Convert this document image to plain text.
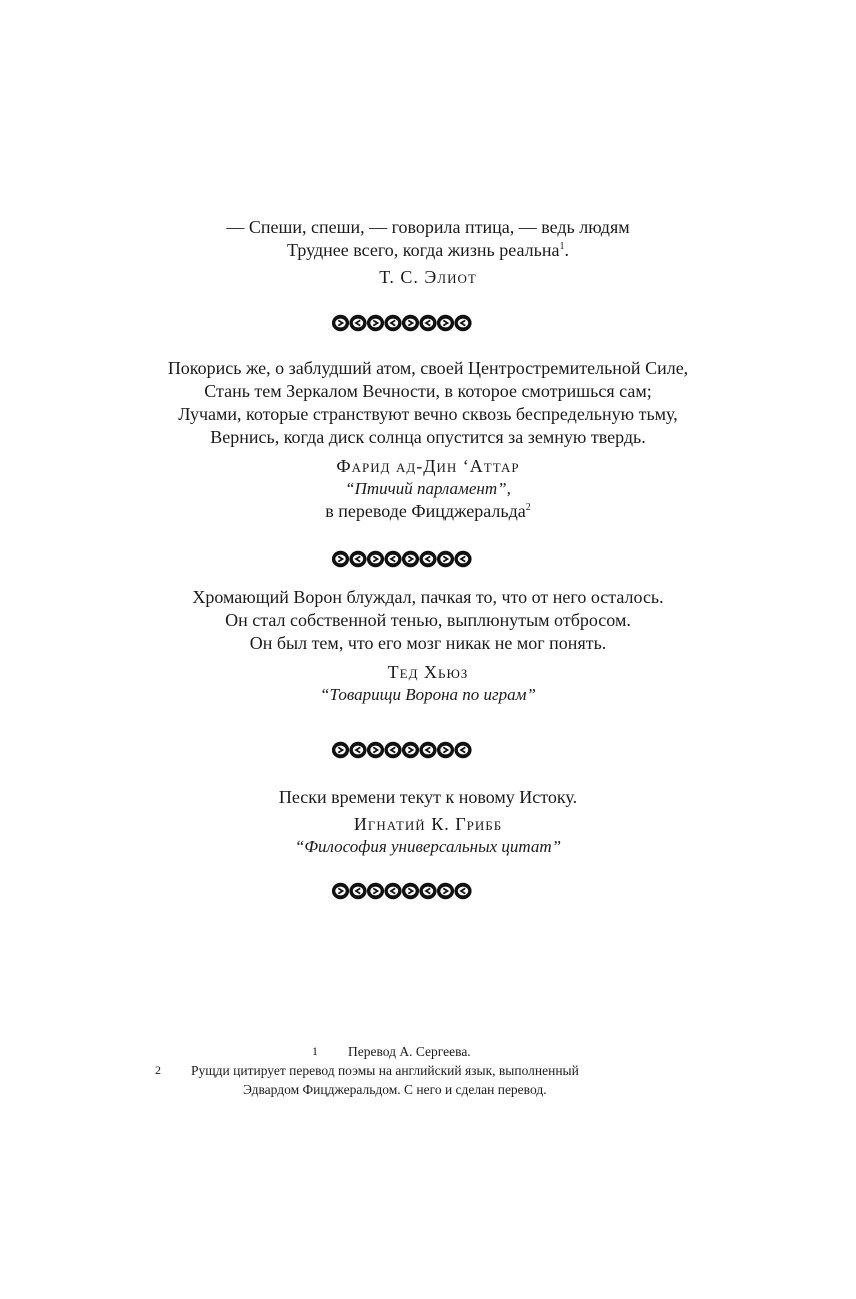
— Спеши, спеши, — говорила птица, — ведь людям
Труднее всего, когда жизнь реальна$^1$.
Т. С. Элиот
Покорись же, о заблудший атом, своей Центростремительной Силе,
Стань тем Зеркалом Вечности, в которое смотришься сам;
Лучами, которые странствуют вечно сквозь беспредельную тьму,
Вернись, когда диск солнца опустится за земную твердь.
Фарид ад-Дин ‘Аттар
“Птичий парламент”,
в переводе Фицджеральда$^2$
Хромающий Ворон блуждал, пачкая то, что от него осталось.
Он стал собственной тенью, выплюнутым отбросом.
Он был тем, что его мозг никак не мог понять.
Тед Хьюз
“Товарищи Ворона по играм”
Пески времени текут к новому Истоку.
Игнатий К. Грибб
“Философия универсальных цитат”
1 Перевод А. Сергеева.
2 Рущди цитирует перевод поэмы на английский язык, выполненный
Эдвардом Фицджеральдом. С него и сделан перевод.
